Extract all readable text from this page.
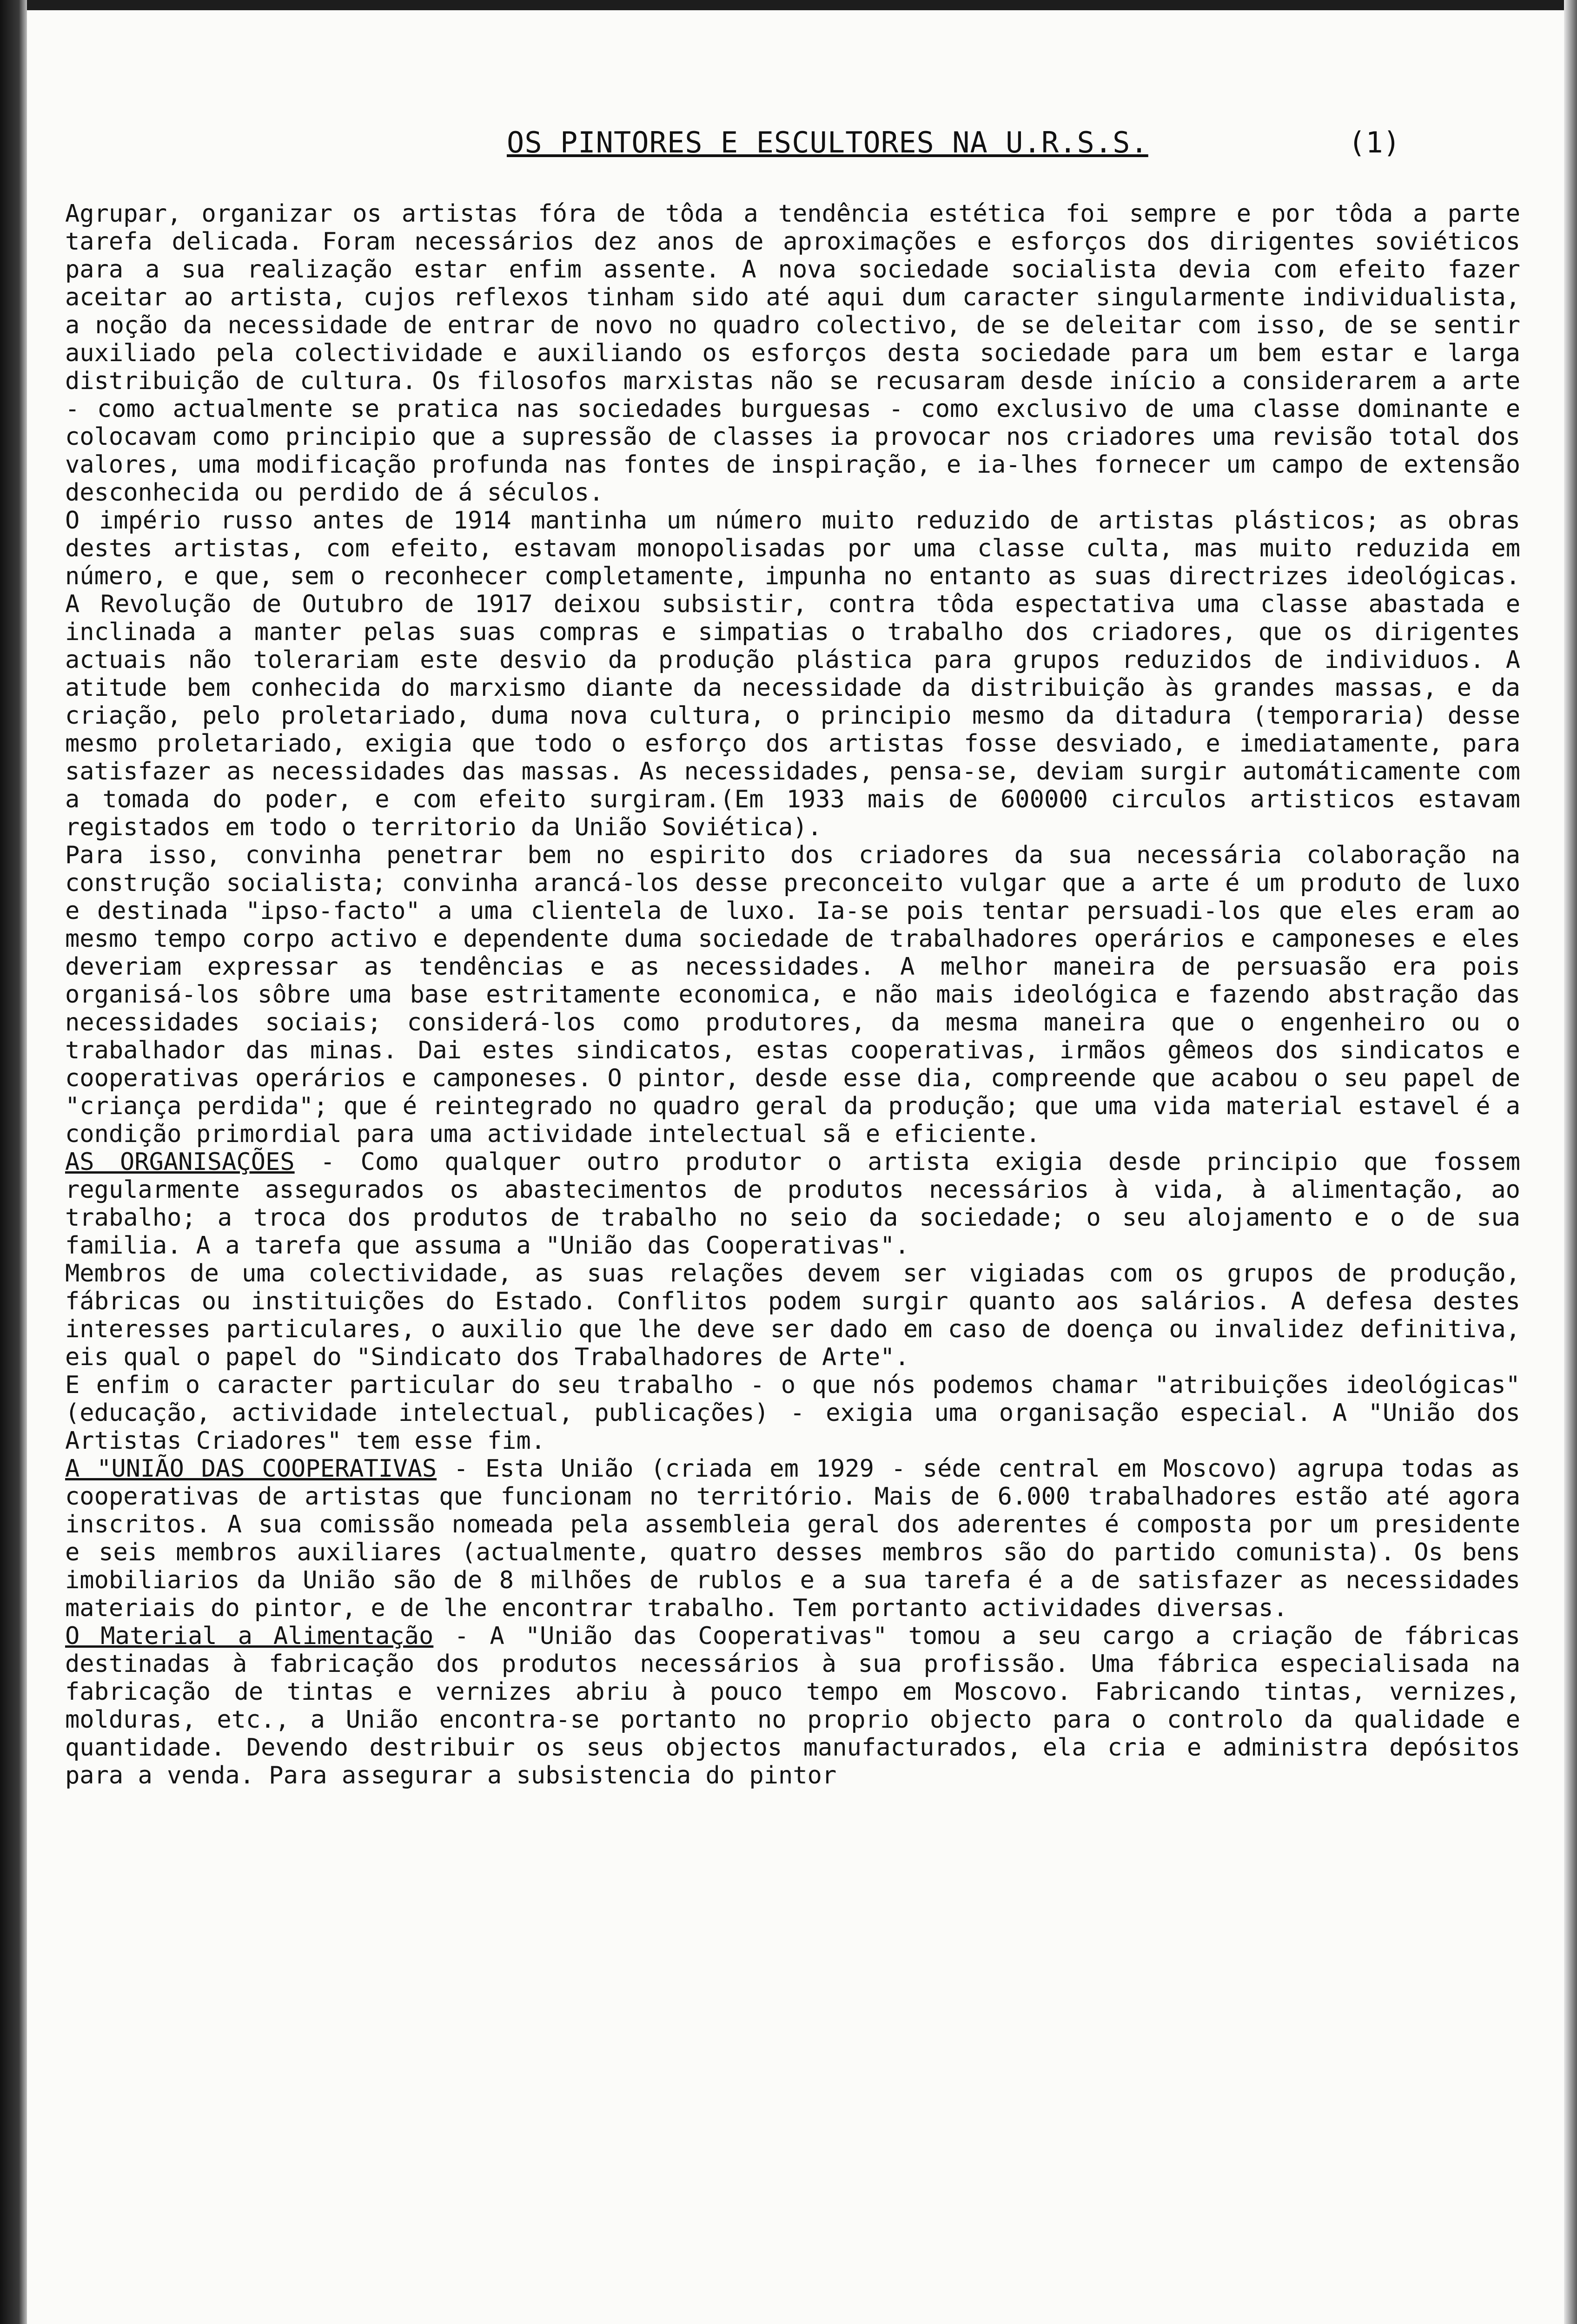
OS PINTORES E ESCULTORES NA U.R.S.S.	(1)

Agrupar, organizar os artistas fóra de tôda a tendência estética foi sempre e por tôda a parte tarefa delicada. Foram necessários dez anos de aproximações e esforços dos dirigentes soviéticos para a sua realização estar enfim assente. A nova sociedade socialista devia com efeito fazer aceitar ao artista, cujos reflexos tinham sido até aqui dum caracter singularmente individualista, a noção da necessidade de entrar de novo no quadro colectivo, de se deleitar com isso, de se sentir auxiliado pela colectividade e auxiliando os esforços desta sociedade para um bem estar e larga distribuição de cultura. Os filosofos marxistas não se recusaram desde início a considerarem a arte - como actualmente se pratica nas sociedades burguesas - como exclusivo de uma classe dominante e colocavam como principio que a supressão de classes ia provocar nos criadores uma revisão total dos valores, uma modificação profunda nas fontes de inspiração, e ia-lhes fornecer um campo de extensão desconhecida ou perdido de á séculos.

O império russo antes de 1914 mantinha um número muito reduzido de artistas plásticos; as obras destes artistas, com efeito, estavam monopolisadas por uma classe culta, mas muito reduzida em número, e que, sem o reconhecer completamente, impunha no entanto as suas directrizes ideológicas. A Revolução de Outubro de 1917 deixou subsistir, contra tôda espectativa uma classe abastada e inclinada a manter pelas suas compras e simpatias o trabalho dos criadores, que os dirigentes actuais não tolerariam este desvio da produção plástica para grupos reduzidos de individuos. A atitude bem conhecida do marxismo diante da necessidade da distribuição às grandes massas, e da criação, pelo proletariado, duma nova cultura, o principio mesmo da ditadura (temporaria) desse mesmo proletariado, exigia que todo o esforço dos artistas fosse desviado, e imediatamente, para satisfazer as necessidades das massas. As necessidades, pensa-se, deviam surgir automáticamente com a tomada do poder, e com efeito surgiram.(Em 1933 mais de 600000 circulos artisticos estavam registados em todo o territorio da União Soviética).

Para isso, convinha penetrar bem no espirito dos criadores da sua necessária colaboração na construção socialista; convinha arancá-los desse preconceito vulgar que a arte é um produto de luxo e destinada "ipso-facto" a uma clientela de luxo. Ia-se pois tentar persuadi-los que eles eram ao mesmo tempo corpo activo e dependente duma sociedade de trabalhadores operários e camponeses e eles deveriam expressar as tendências e as necessidades. A melhor maneira de persuasão era pois organisá-los sôbre uma base estritamente economica, e não mais ideológica e fazendo abstração das necessidades sociais; considerá-los como produtores, da mesma maneira que o engenheiro ou o trabalhador das minas. Dai estes sindicatos, estas cooperativas, irmãos gêmeos dos sindicatos e cooperativas operários e camponeses. O pintor, desde esse dia, compreende que acabou o seu papel de "criança perdida"; que é reintegrado no quadro geral da produção; que uma vida material estavel é a condição primordial para uma actividade intelectual sã e eficiente.

AS ORGANISAÇÕES - Como qualquer outro produtor o artista exigia desde principio que fossem regularmente assegurados os abastecimentos de produtos necessários à vida, à alimentação, ao trabalho; a troca dos produtos de trabalho no seio da sociedade; o seu alojamento e o de sua familia. A a tarefa que assuma a "União das Cooperativas".

Membros de uma colectividade, as suas relações devem ser vigiadas com os grupos de produção, fábricas ou instituições do Estado. Conflitos podem surgir quanto aos salários. A defesa destes interesses particulares, o auxilio que lhe deve ser dado em caso de doença ou invalidez definitiva, eis qual o papel do "Sindicato dos Trabalhadores de Arte".

E enfim o caracter particular do seu trabalho - o que nós podemos chamar "atribuições ideológicas"(educação, actividade intelectual, publicações) - exigia uma organisação especial. A "União dos Artistas Criadores" tem esse fim.

A "UNIÃO DAS COOPERATIVAS - Esta União (criada em 1929 - séde central em Moscovo) agrupa todas as cooperativas de artistas que funcionam no território. Mais de 6.000 trabalhadores estão até agora inscritos. A sua comissão nomeada pela assembleia geral dos aderentes é composta por um presidente e seis membros auxiliares (actualmente, quatro desses membros são do partido comunista). Os bens imobiliarios da União são de 8 milhões de rublos e a sua tarefa é a de satisfazer as necessidades materiais do pintor, e de lhe encontrar trabalho. Tem portanto actividades diversas.

O Material a Alimentação - A "União das Cooperativas" tomou a seu cargo a criação de fábricas destinadas à fabricação dos produtos necessários à sua profissão. Uma fábrica especialisada na fabricação de tintas e vernizes abriu à pouco tempo em Moscovo. Fabricando tintas, vernizes, molduras, etc., a União encontra-se portanto no proprio objecto para o controlo da qualidade e quantidade. Devendo destribuir os seus objectos manufacturados, ela cria e administra depósitos para a venda. Para assegurar a subsistencia do pintor
